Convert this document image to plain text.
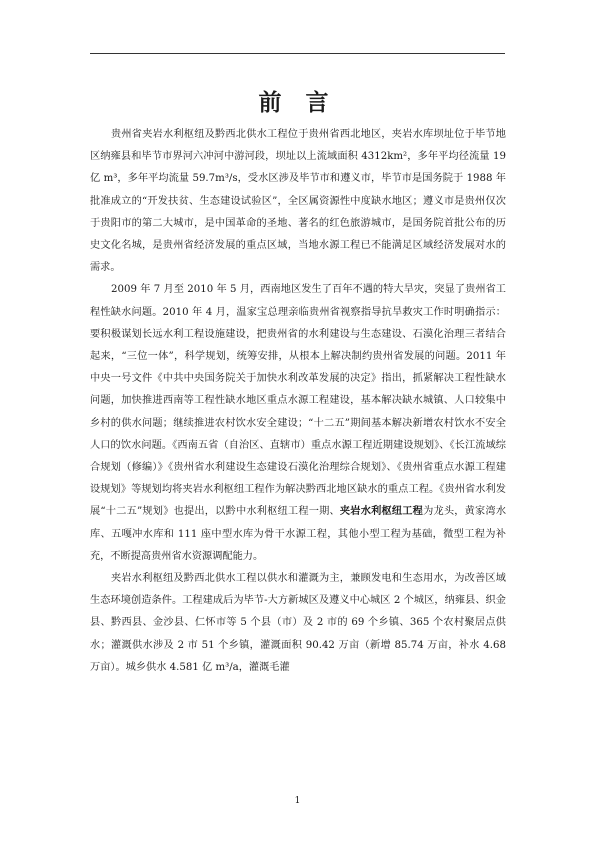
前 言

贵州省夹岩水利枢纽及黔西北供水工程位于贵州省西北地区，夹岩水库坝址位于毕节地区纳雍县和毕节市界河六冲河中游河段，坝址以上流域面积 4312km²，多年平均径流量 19 亿 m³，多年平均流量 59.7m³/s，受水区涉及毕节市和遵义市，毕节市是国务院于 1988 年批准成立的“开发扶贫、生态建设试验区”，全区属资源性中度缺水地区；遵义市是贵州仅次于贵阳市的第二大城市，是中国革命的圣地、著名的红色旅游城市，是国务院首批公布的历史文化名城，是贵州省经济发展的重点区域，当地水源工程已不能满足区域经济发展对水的需求。

2009 年 7 月至 2010 年 5 月，西南地区发生了百年不遇的特大旱灾，突显了贵州省工程性缺水问题。2010 年 4 月，温家宝总理亲临贵州省视察指导抗旱救灾工作时明确指示：要积极谋划长远水利工程设施建设，把贵州省的水利建设与生态建设、石漠化治理三者结合起来，“三位一体”，科学规划，统筹安排，从根本上解决制约贵州省发展的问题。2011 年中央一号文件《中共中央国务院关于加快水利改革发展的决定》指出，抓紧解决工程性缺水问题，加快推进西南等工程性缺水地区重点水源工程建设，基本解决缺水城镇、人口较集中乡村的供水问题；继续推进农村饮水安全建设；“十二五”期间基本解决新增农村饮水不安全人口的饮水问题。《西南五省（自治区、直辖市）重点水源工程近期建设规划》、《长江流域综合规划（修编）》《贵州省水利建设生态建设石漠化治理综合规划》、《贵州省重点水源工程建设规划》等规划均将夹岩水利枢纽工程作为解决黔西北地区缺水的重点工程。《贵州省水利发展“十二五”规划》也提出，以黔中水利枢纽工程一期、夹岩水利枢纽工程为龙头，黄家湾水库、五嘎冲水库和 111 座中型水库为骨干水源工程，其他小型工程为基础，微型工程为补充，不断提高贵州省水资源调配能力。

夹岩水利枢纽及黔西北供水工程以供水和灌溉为主，兼顾发电和生态用水，为改善区域生态环境创造条件。工程建成后为毕节-大方新城区及遵义中心城区 2 个城区，纳雍县、织金县、黔西县、金沙县、仁怀市等 5 个县（市）及 2 市的 69 个乡镇、365 个农村聚居点供水；灌溉供水涉及 2 市 51 个乡镇，灌溉面积 90.42 万亩（新增 85.74 万亩，补水 4.68 万亩）。城乡供水 4.581 亿 m³/a，灌溉毛灌

1
